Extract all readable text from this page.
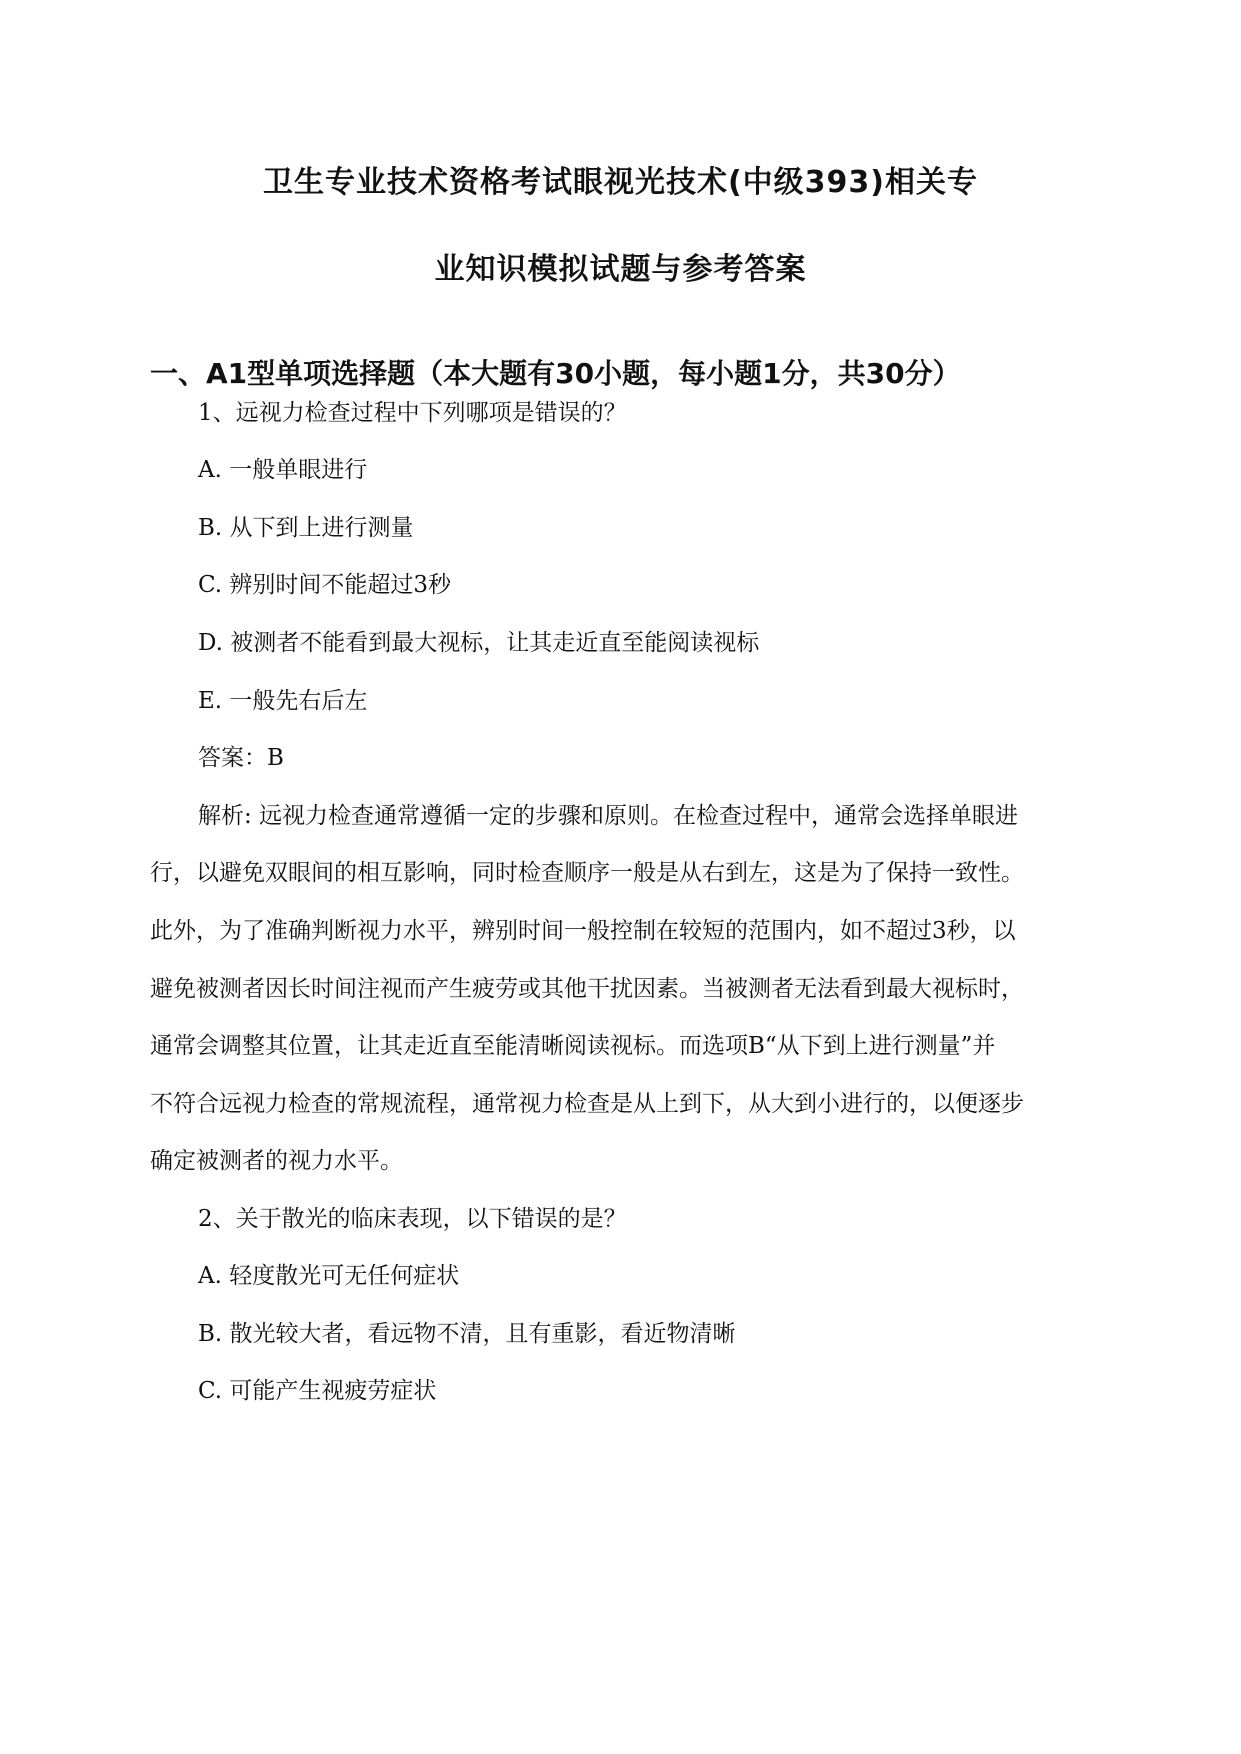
卫生专业技术资格考试眼视光技术(中级393)相关专
业知识模拟试题与参考答案
一、A1型单项选择题（本大题有30小题，每小题1分，共30分）

1、远视力检查过程中下列哪项是错误的？

A. 一般单眼进行

B. 从下到上进行测量

C. 辨别时间不能超过3秒

D. 被测者不能看到最大视标，让其走近直至能阅读视标

E. 一般先右后左

答案：B

解析: 远视力检查通常遵循一定的步骤和原则。在检查过程中，通常会选择单眼进

行，以避免双眼间的相互影响，同时检查顺序一般是从右到左，这是为了保持一致性。

此外，为了准确判断视力水平，辨别时间一般控制在较短的范围内，如不超过3秒，以

避免被测者因长时间注视而产生疲劳或其他干扰因素。当被测者无法看到最大视标时，

通常会调整其位置，让其走近直至能清晰阅读视标。而选项B“从下到上进行测量”并

不符合远视力检查的常规流程，通常视力检查是从上到下，从大到小进行的，以便逐步

确定被测者的视力水平。

2、关于散光的临床表现，以下错误的是？

A. 轻度散光可无任何症状

B. 散光较大者，看远物不清，且有重影，看近物清晰

C. 可能产生视疲劳症状
